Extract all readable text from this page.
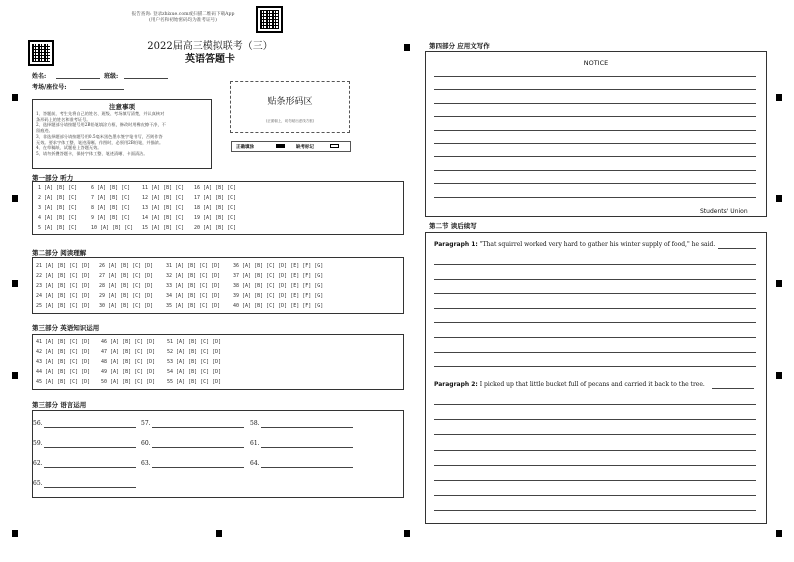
报告查询: 登录zhixue.com或扫描二维码下载App
(用户名和初始密码均为准考证号)
2022届高三模拟联考（三）
英语答题卡
姓名:	班级:
考场/座位号:
贴条形码区
(正面朝上，切勿贴出虚线方框)
注意事项
1、答题前，考生先将自己的姓名、班级、考场填写清楚，并认真核对
条形码上的姓名和准考证号。
2、选择题部分请按题号用2B铅笔填涂方框，修改时用橡皮擦干净，不
留痕迹。
3、非选择题部分请按题号用0.5毫米黑色墨水签字笔书写，否则作答
无效。要求字体工整、笔迹清晰。作图时，必须用2B铅笔，并描浓。
4、在草稿纸、试题卷上答题无效。
5、请勿折叠答题卡，保持字体工整、笔迹清晰、卡面清洁。
正确填涂	缺考标记
第一部分 听力
1 [A] [B] [C]
2 [A] [B] [C]
3 [A] [B] [C]
4 [A] [B] [C]
5 [A] [B] [C]
6 [A] [B] [C]
7 [A] [B] [C]
8 [A] [B] [C]
9 [A] [B] [C]
10 [A] [B] [C]
11 [A] [B] [C]
12 [A] [B] [C]
13 [A] [B] [C]
14 [A] [B] [C]
15 [A] [B] [C]
16 [A] [B] [C]
17 [A] [B] [C]
18 [A] [B] [C]
19 [A] [B] [C]
20 [A] [B] [C]
第二部分 阅读理解
21 [A] [B] [C] [D]
22 [A] [B] [C] [D]
23 [A] [B] [C] [D]
24 [A] [B] [C] [D]
25 [A] [B] [C] [D]
26 [A] [B] [C] [D]
27 [A] [B] [C] [D]
28 [A] [B] [C] [D]
29 [A] [B] [C] [D]
30 [A] [B] [C] [D]
31 [A] [B] [C] [D]
32 [A] [B] [C] [D]
33 [A] [B] [C] [D]
34 [A] [B] [C] [D]
35 [A] [B] [C] [D]
36 [A] [B] [C] [D] [E] [F] [G]
37 [A] [B] [C] [D] [E] [F] [G]
38 [A] [B] [C] [D] [E] [F] [G]
39 [A] [B] [C] [D] [E] [F] [G]
40 [A] [B] [C] [D] [E] [F] [G]
第三部分 英语知识运用
41 [A] [B] [C] [D]
42 [A] [B] [C] [D]
43 [A] [B] [C] [D]
44 [A] [B] [C] [D]
45 [A] [B] [C] [D]
46 [A] [B] [C] [D]
47 [A] [B] [C] [D]
48 [A] [B] [C] [D]
49 [A] [B] [C] [D]
50 [A] [B] [C] [D]
51 [A] [B] [C] [D]
52 [A] [B] [C] [D]
53 [A] [B] [C] [D]
54 [A] [B] [C] [D]
55 [A] [B] [C] [D]
第三部分 语言运用
56.	57.	58.
59.	60.	61.
62.	63.	64.
65.
第四部分 应用文写作
NOTICE
Students' Union
第二节 读后续写
Paragraph 1: "That squirrel worked very hard to gather his winter supply of food," he said.
Paragraph 2: I picked up that little bucket full of pecans and carried it back to the tree.
